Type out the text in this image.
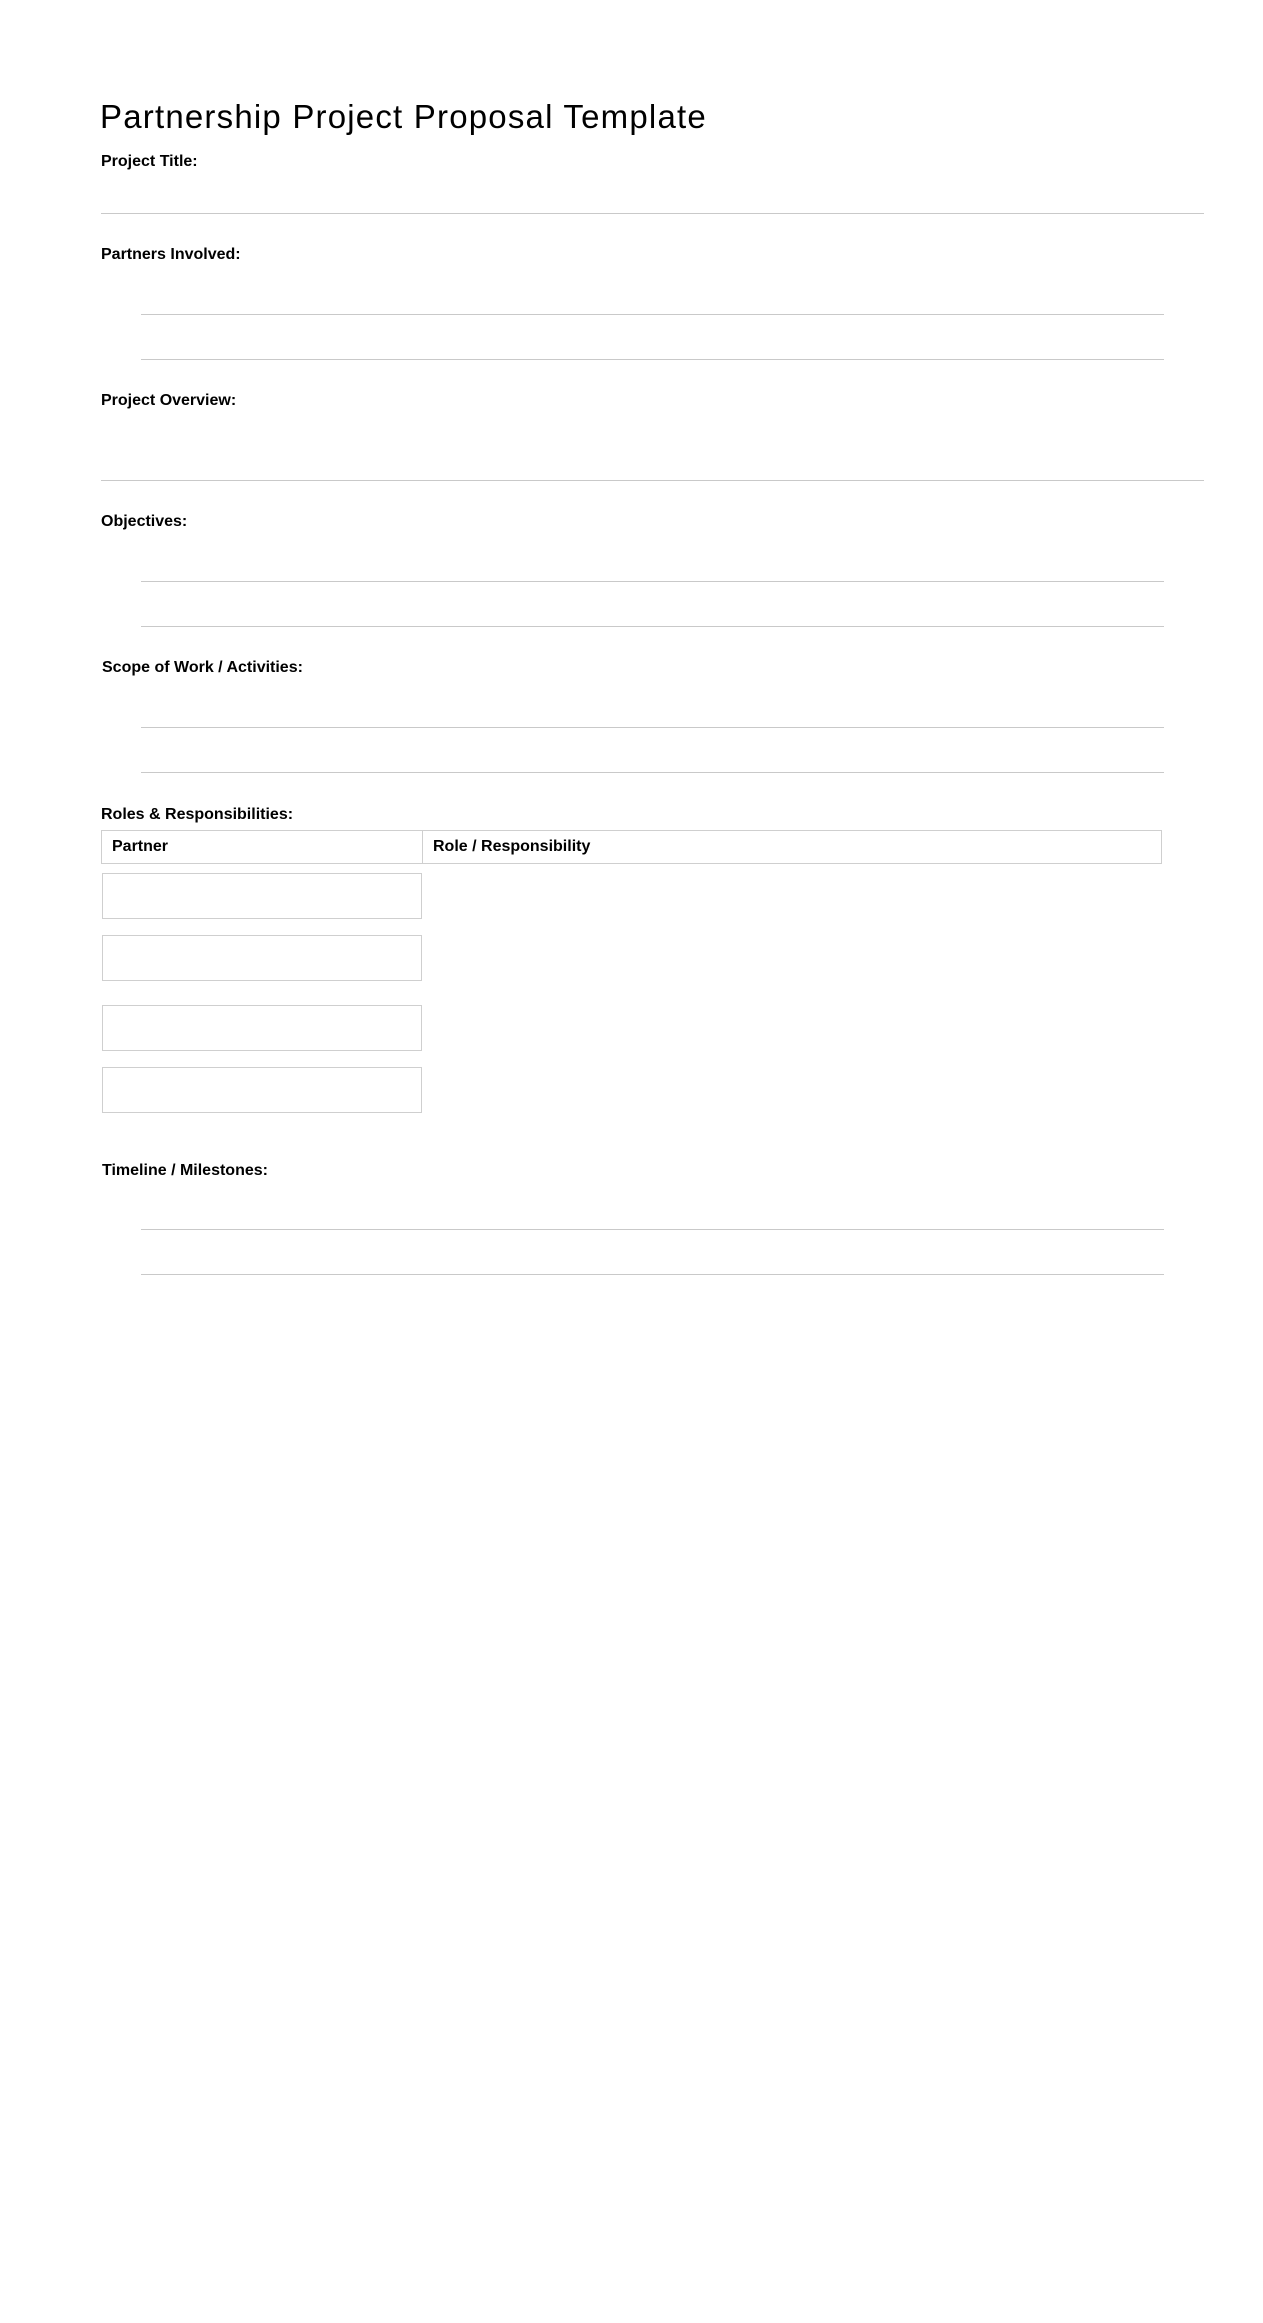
Partnership Project Proposal Template
Project Title:
Partners Involved:
Project Overview:
Objectives:
Scope of Work / Activities:
Roles & Responsibilities:
Partner	Role / Responsibility
Timeline / Milestones:
